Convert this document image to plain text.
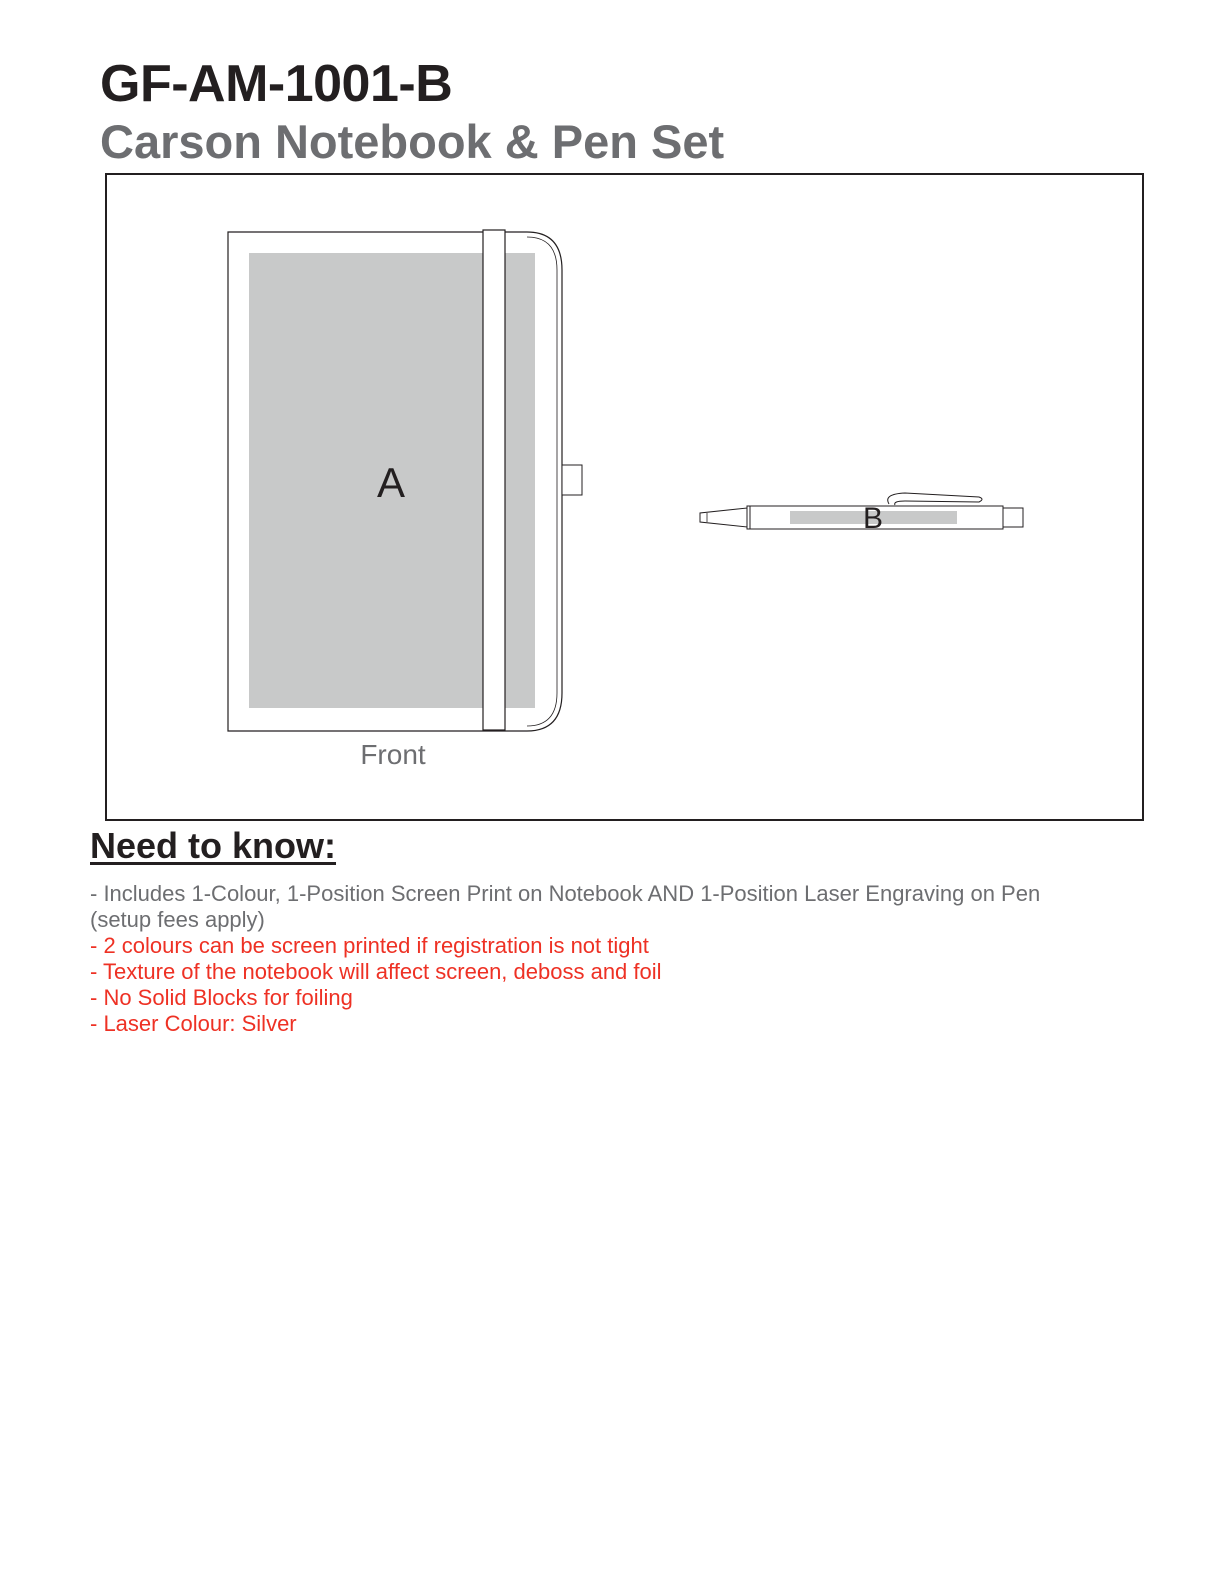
GF-AM-1001-B
Carson Notebook & Pen Set
A
Front
B
Need to know:
- Includes 1-Colour, 1-Position Screen Print on Notebook AND 1-Position Laser Engraving on Pen (setup fees apply)
- 2 colours can be screen printed if registration is not tight
- Texture of the notebook will affect screen, deboss and foil
- No Solid Blocks for foiling
- Laser Colour: Silver
